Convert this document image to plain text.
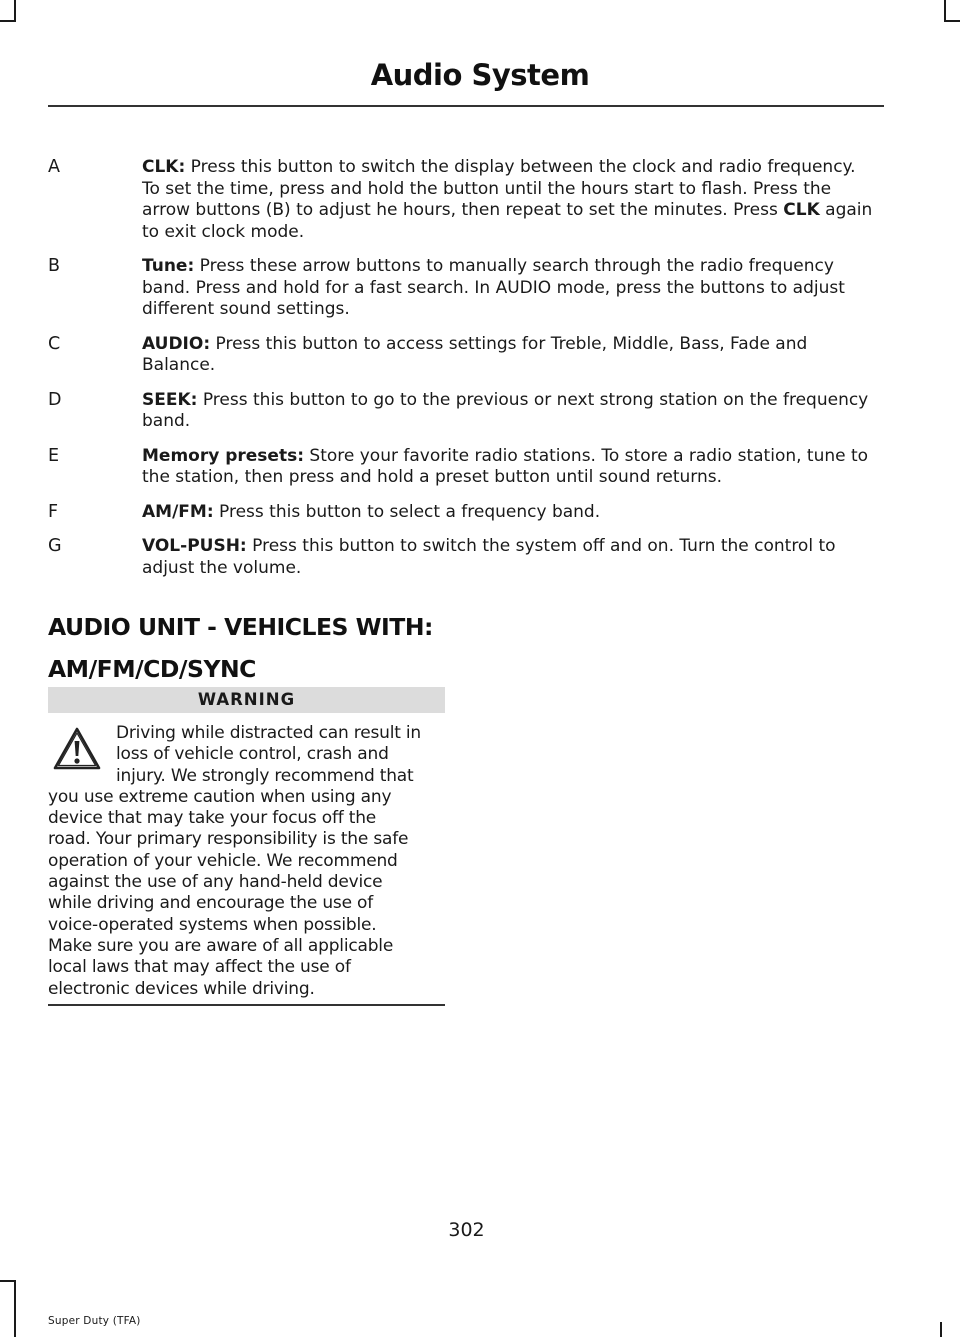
Audio System
A	CLK: Press this button to switch the display between the clock and radio frequency. To set the time, press and hold the button until the hours start to flash. Press the arrow buttons (B) to adjust he hours, then repeat to set the minutes. Press CLK again to exit clock mode.
B	Tune: Press these arrow buttons to manually search through the radio frequency band. Press and hold for a fast search. In AUDIO mode, press the buttons to adjust different sound settings.
C	AUDIO: Press this button to access settings for Treble, Middle, Bass, Fade and Balance.
D	SEEK: Press this button to go to the previous or next strong station on the frequency band.
E	Memory presets: Store your favorite radio stations. To store a radio station, tune to the station, then press and hold a preset button until sound returns.
F	AM/FM: Press this button to select a frequency band.
G	VOL-PUSH: Press this button to switch the system off and on. Turn the control to adjust the volume.
AUDIO UNIT - VEHICLES WITH:
AM/FM/CD/SYNC
WARNING
Driving while distracted can result in
loss of vehicle control, crash and
injury. We strongly recommend that
you use extreme caution when using any
device that may take your focus off the
road. Your primary responsibility is the safe
operation of your vehicle. We recommend
against the use of any hand-held device
while driving and encourage the use of
voice-operated systems when possible.
Make sure you are aware of all applicable
local laws that may affect the use of
electronic devices while driving.
302
Super Duty (TFA)
